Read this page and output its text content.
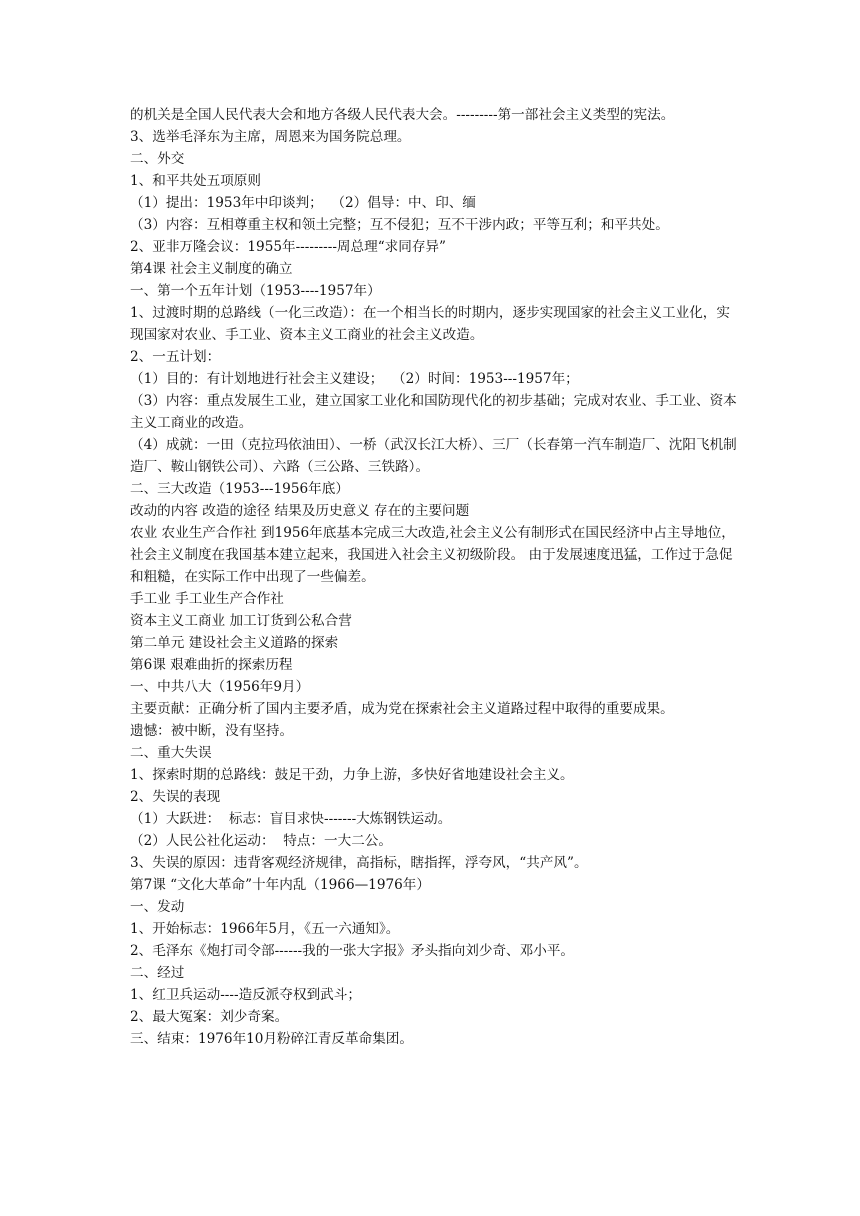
的机关是全国人民代表大会和地方各级人民代表大会。---------第一部社会主义类型的宪法。

3、选举毛泽东为主席，周恩来为国务院总理。

二、外交

1、和平共处五项原则

（1）提出：1953年中印谈判；  （2）倡导：中、印、缅

（3）内容：互相尊重主权和领土完整；互不侵犯；互不干涉内政；平等互利；和平共处。

2、亚非万隆会议：1955年---------周总理“求同存异”

第4课 社会主义制度的确立

一、第一个五年计划（1953----1957年）

1、过渡时期的总路线（一化三改造）：在一个相当长的时期内，逐步实现国家的社会主义工业化，实现国家对农业、手工业、资本主义工商业的社会主义改造。

2、一五计划：

（1）目的：有计划地进行社会主义建设；  （2）时间：1953---1957年；

（3）内容：重点发展生工业，建立国家工业化和国防现代化的初步基础；完成对农业、手工业、资本主义工商业的改造。

（4）成就：一田（克拉玛依油田）、一桥（武汉长江大桥）、三厂（长春第一汽车制造厂、沈阳飞机制造厂、鞍山钢铁公司）、六路（三公路、三铁路）。

二、三大改造（1953---1956年底）

改动的内容 改造的途径 结果及历史意义 存在的主要问题

农业 农业生产合作社 到1956年底基本完成三大改造,社会主义公有制形式在国民经济中占主导地位，社会主义制度在我国基本建立起来，我国进入社会主义初级阶段。 由于发展速度迅猛，工作过于急促和粗糙，在实际工作中出现了一些偏差。

手工业 手工业生产合作社

资本主义工商业 加工订货到公私合营

第二单元 建设社会主义道路的探索

第6课 艰难曲折的探索历程

一、中共八大（1956年9月）

主要贡献：正确分析了国内主要矛盾，成为党在探索社会主义道路过程中取得的重要成果。

遗憾：被中断，没有坚持。

二、重大失误

1、探索时期的总路线：鼓足干劲，力争上游，多快好省地建设社会主义。

2、失误的表现

（1）大跃进：  标志：盲目求快-------大炼钢铁运动。

（2）人民公社化运动：  特点：一大二公。

3、失误的原因：违背客观经济规律，高指标，瞎指挥，浮夸风，“共产风”。

第7课 “文化大革命”十年内乱（1966—1976年）

一、发动

1、开始标志：1966年5月，《五一六通知》。

2、毛泽东《炮打司令部------我的一张大字报》矛头指向刘少奇、邓小平。

二、经过

1、红卫兵运动----造反派夺权到武斗；

2、最大冤案：刘少奇案。

三、结束：1976年10月粉碎江青反革命集团。
